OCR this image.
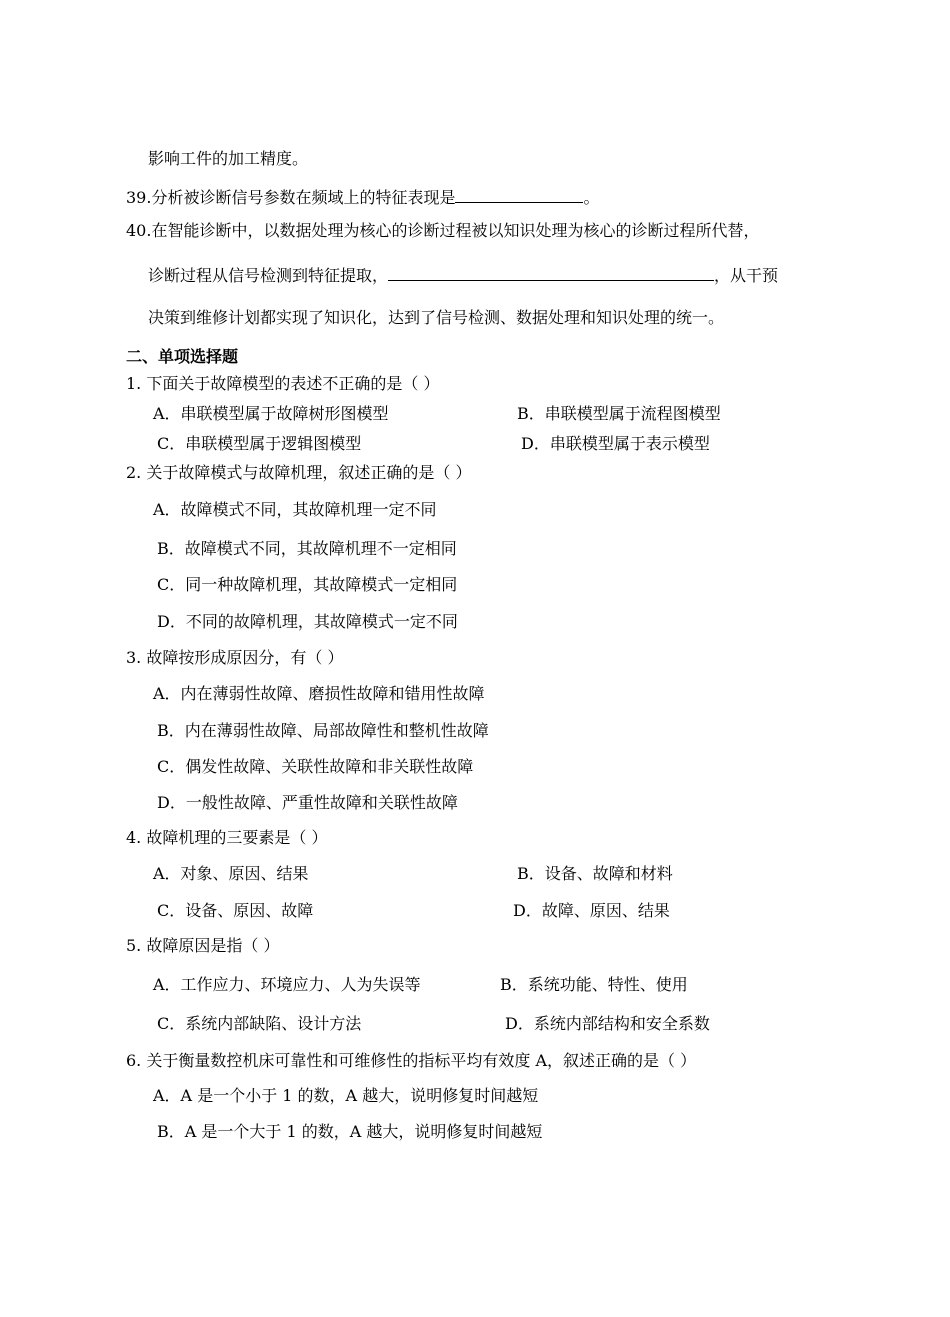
影响工件的加工精度。
39.分析被诊断信号参数在频域上的特征表现是	。
40.在智能诊断中，以数据处理为核心的诊断过程被以知识处理为核心的诊断过程所代替，
诊断过程从信号检测到特征提取，	，从干预
决策到维修计划都实现了知识化，达到了信号检测、数据处理和知识处理的统一。
二、单项选择题
1. 下面关于故障模型的表述不正确的是（ ）
A．串联模型属于故障树形图模型	B．串联模型属于流程图模型
C．串联模型属于逻辑图模型	D．串联模型属于表示模型
2. 关于故障模式与故障机理，叙述正确的是（ ）
A．故障模式不同，其故障机理一定不同
B．故障模式不同，其故障机理不一定相同
C．同一种故障机理，其故障模式一定相同
D．不同的故障机理，其故障模式一定不同
3. 故障按形成原因分，有（ ）
A．内在薄弱性故障、磨损性故障和错用性故障
B．内在薄弱性故障、局部故障性和整机性故障
C．偶发性故障、关联性故障和非关联性故障
D．一般性故障、严重性故障和关联性故障
4. 故障机理的三要素是（ ）
A．对象、原因、结果	B．设备、故障和材料
C．设备、原因、故障	D．故障、原因、结果
5. 故障原因是指（ ）
A．工作应力、环境应力、人为失误等	B．系统功能、特性、使用
C．系统内部缺陷、设计方法	D．系统内部结构和安全系数
6. 关于衡量数控机床可靠性和可维修性的指标平均有效度 A，叙述正确的是（ ）
A．A 是一个小于 1 的数，A 越大，说明修复时间越短
B．A 是一个大于 1 的数，A 越大，说明修复时间越短
